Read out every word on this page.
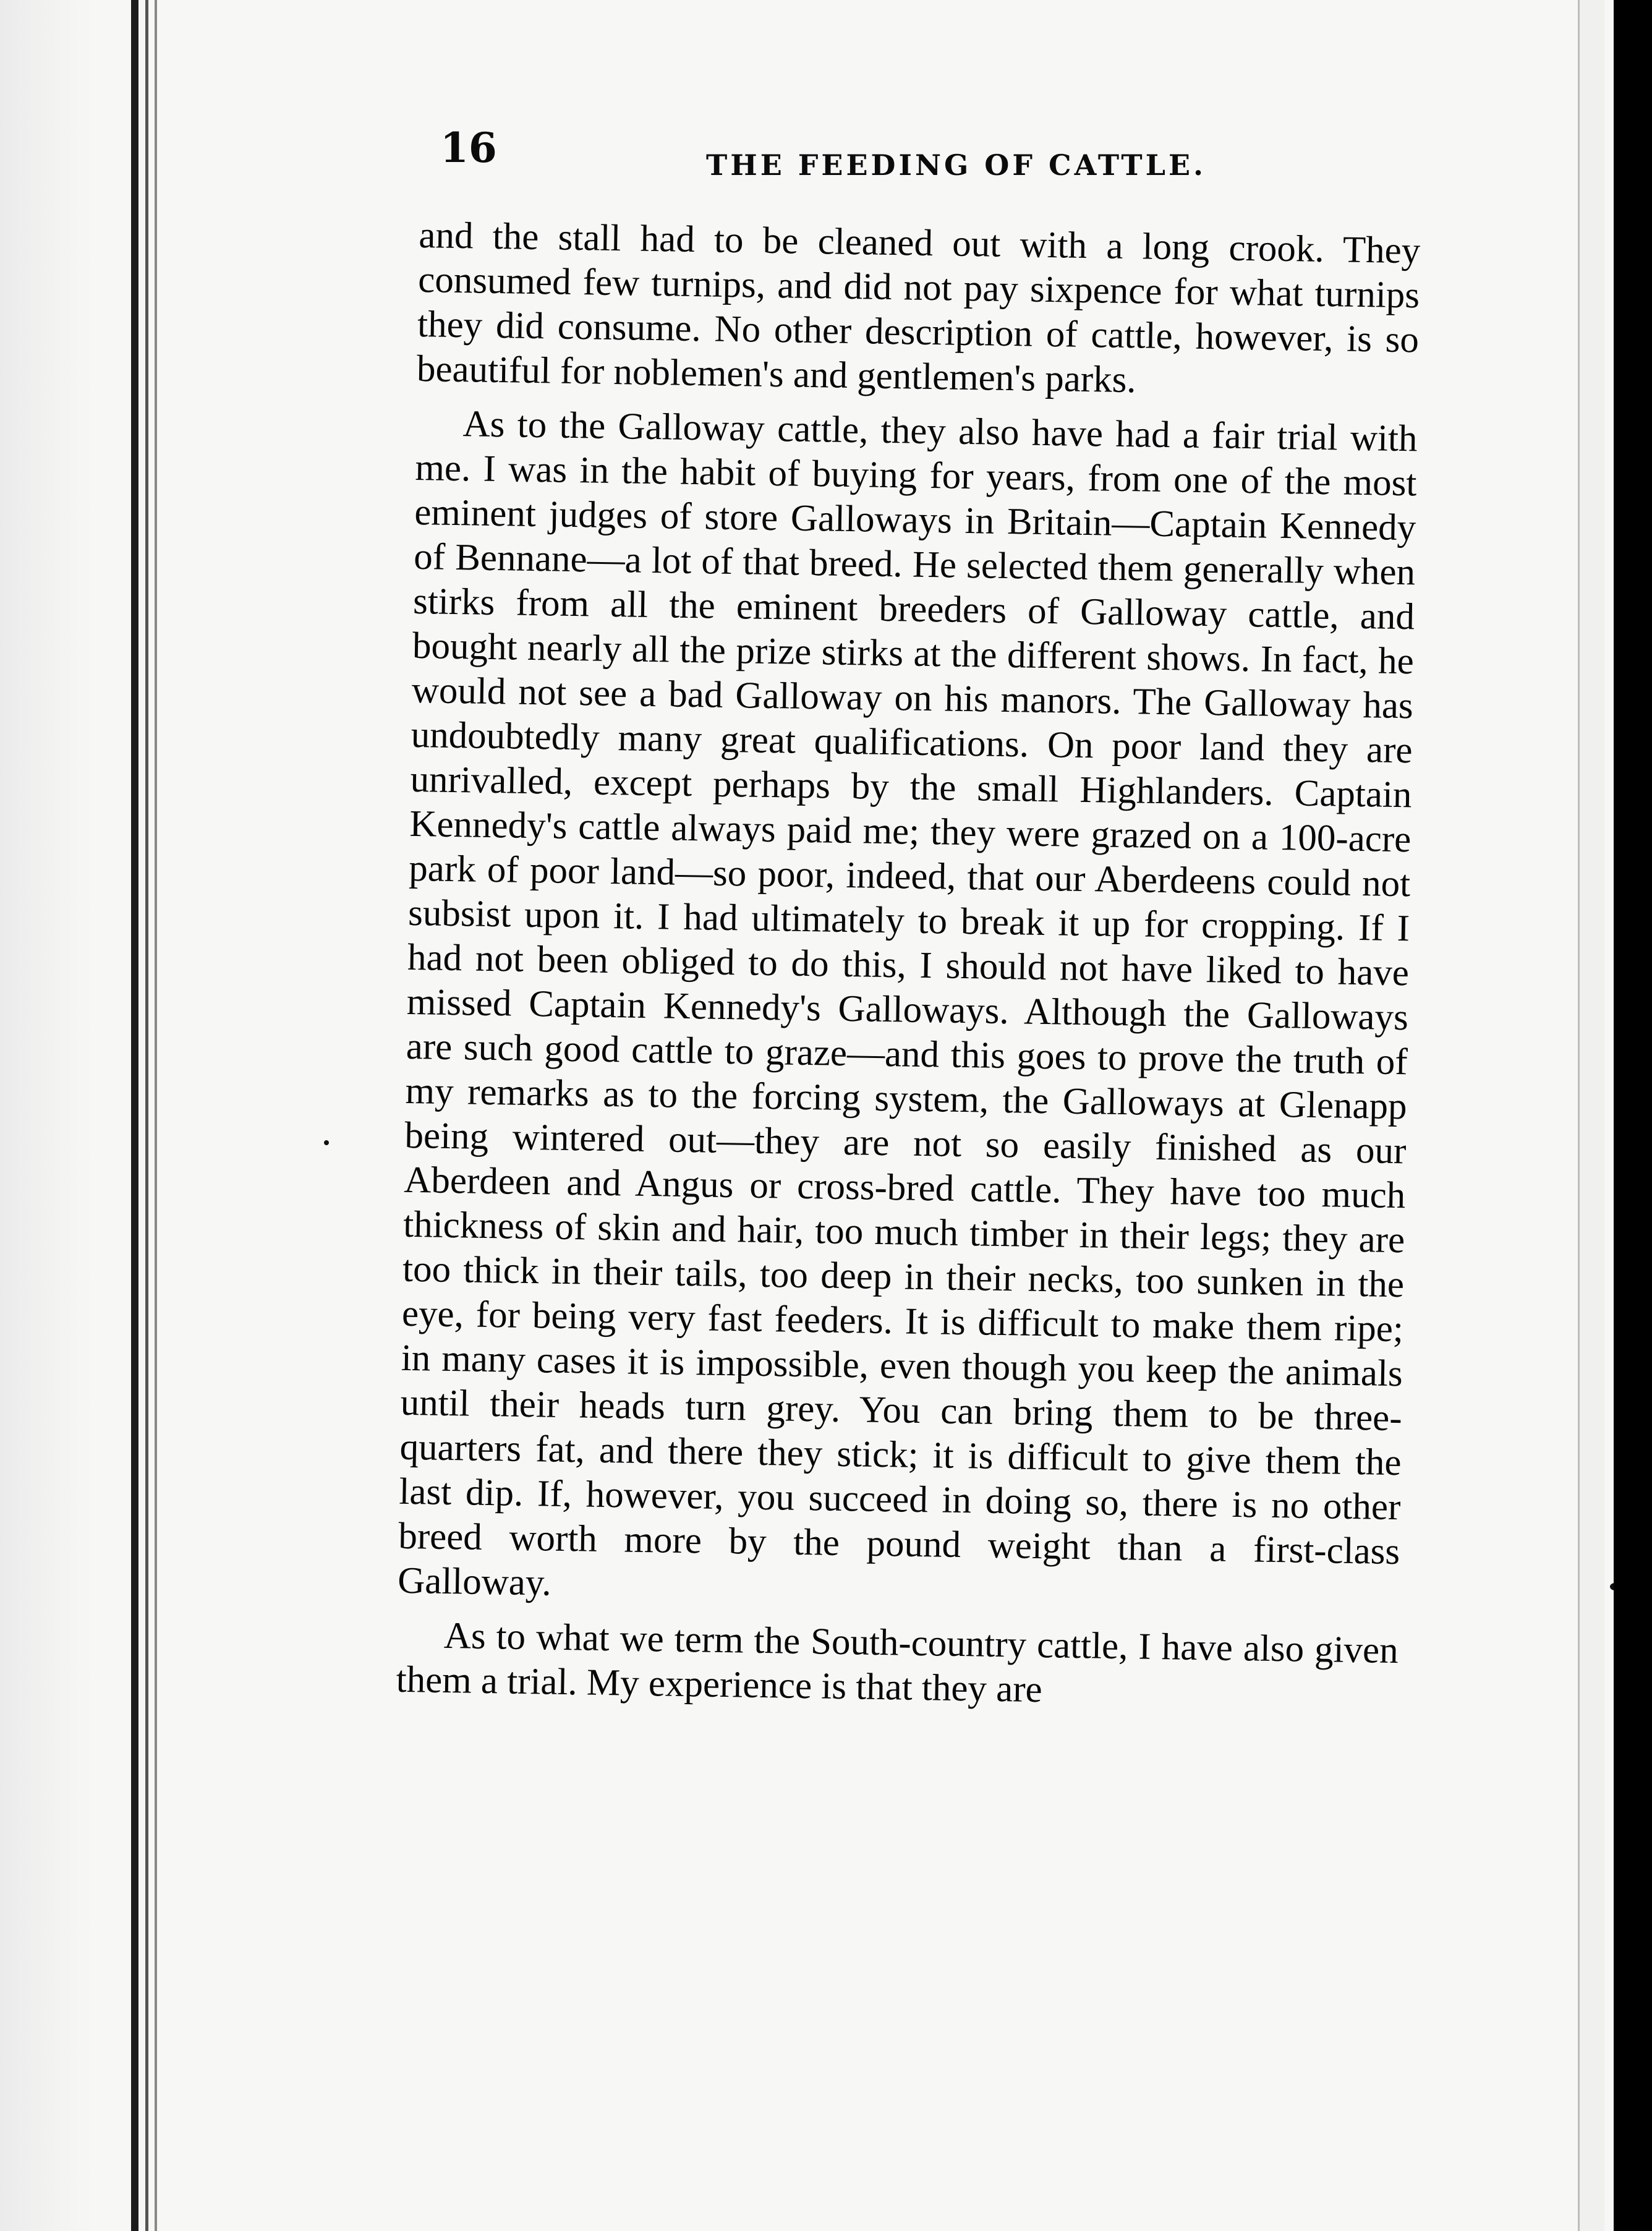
16	THE FEEDING OF CATTLE.

and the stall had to be cleaned out with a long crook. They consumed few turnips, and did not pay sixpence for what turnips they did consume. No other description of cattle, however, is so beautiful for noblemen's and gentlemen's parks.

As to the Galloway cattle, they also have had a fair trial with me. I was in the habit of buying for years, from one of the most eminent judges of store Galloways in Britain—Captain Kennedy of Bennane—a lot of that breed. He selected them generally when stirks from all the eminent breeders of Galloway cattle, and bought nearly all the prize stirks at the different shows. In fact, he would not see a bad Galloway on his manors. The Galloway has undoubtedly many great qualifications. On poor land they are unrivalled, except perhaps by the small Highlanders. Captain Kennedy's cattle always paid me; they were grazed on a 100-acre park of poor land—so poor, indeed, that our Aberdeens could not subsist upon it. I had ultimately to break it up for cropping. If I had not been obliged to do this, I should not have liked to have missed Captain Kennedy's Galloways. Although the Galloways are such good cattle to graze—and this goes to prove the truth of my remarks as to the forcing system, the Galloways at Glenapp being wintered out—they are not so easily finished as our Aberdeen and Angus or cross-bred cattle. They have too much thickness of skin and hair, too much timber in their legs; they are too thick in their tails, too deep in their necks, too sunken in the eye, for being very fast feeders. It is difficult to make them ripe; in many cases it is impossible, even though you keep the animals until their heads turn grey. You can bring them to be three-quarters fat, and there they stick; it is difficult to give them the last dip. If, however, you succeed in doing so, there is no other breed worth more by the pound weight than a first-class Galloway.

As to what we term the South-country cattle, I have also given them a trial. My experience is that they are
